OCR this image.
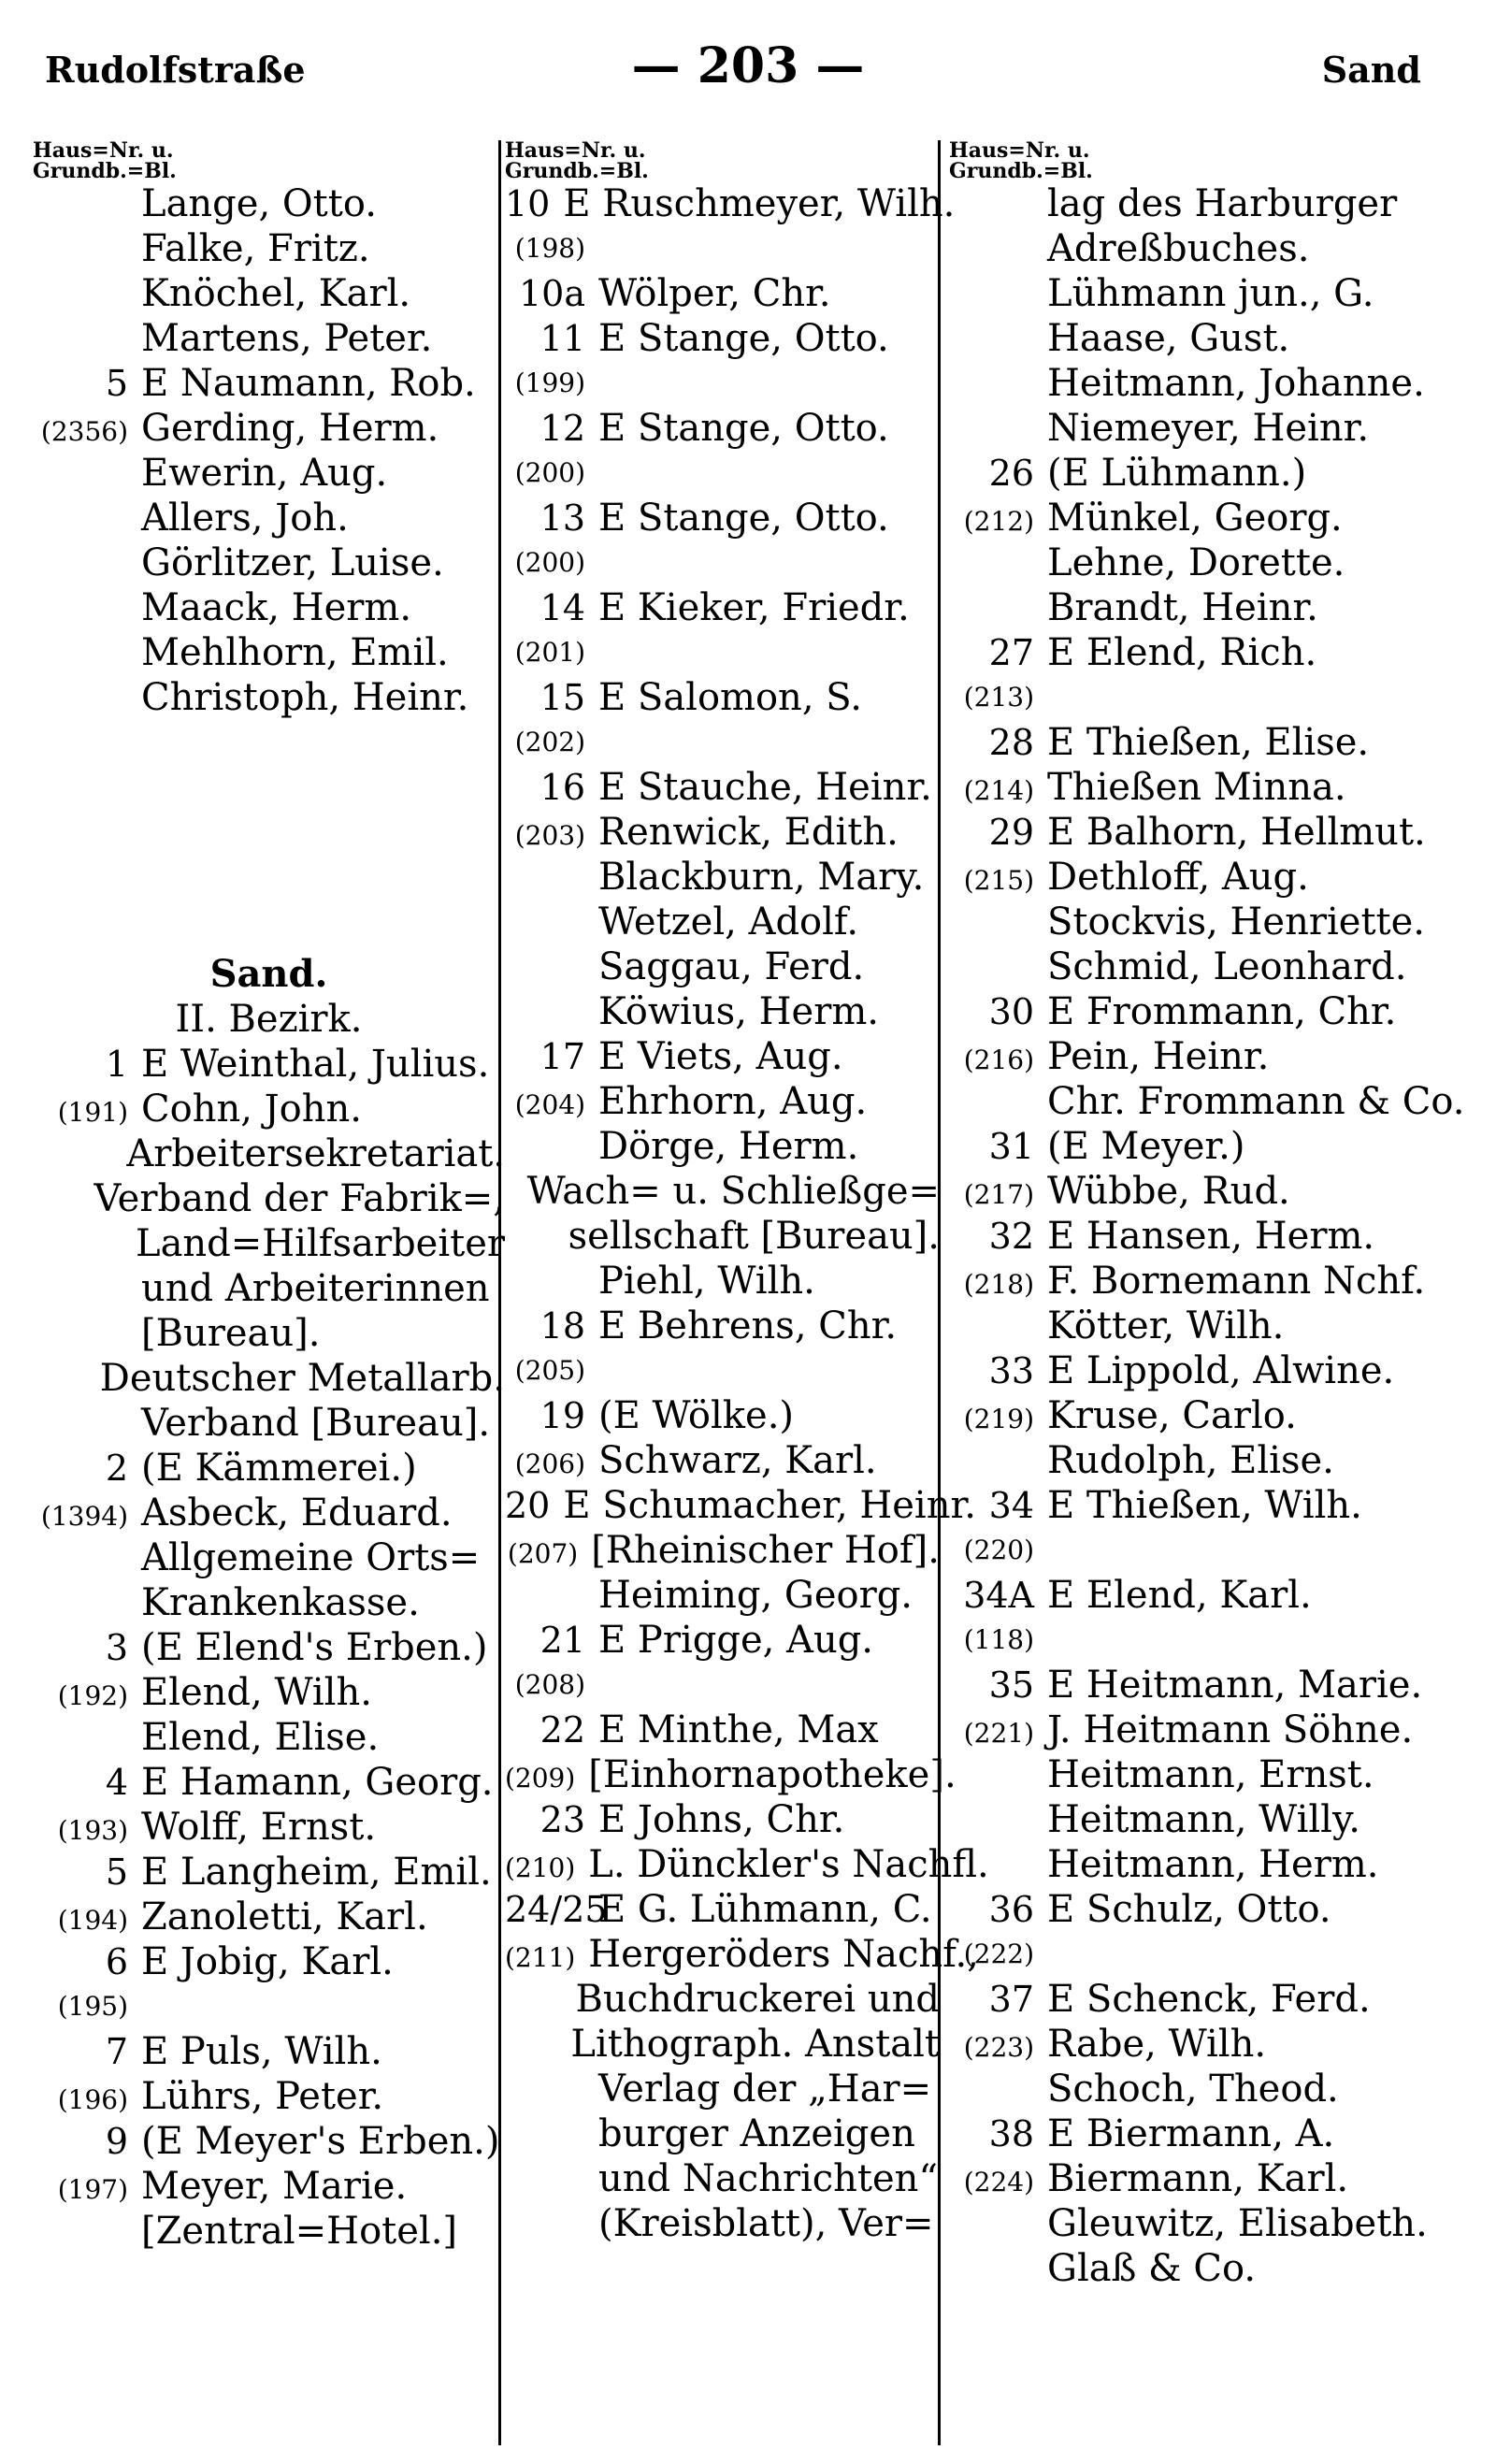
Rudolfstraße	— 203 —	Sand
Haus=Nr. u.
Grundb.=Bl.
Lange, Otto.
Falke, Fritz.
Knöchel, Karl.
Martens, Peter.
5 E Naumann, Rob.
(2356) Gerding, Herm.
Ewerin, Aug.
Allers, Joh.
Görlitzer, Luise.
Maack, Herm.
Mehlhorn, Emil.
Christoph, Heinr.
Sand.
II. Bezirk.
1 E Weinthal, Julius.
(191) Cohn, John.
Arbeitersekretariat.
Verband der Fabrik=,
Land=Hilfsarbeiter
und Arbeiterinnen
[Bureau].
Deutscher Metallarb.
Verband [Bureau].
2 (E Kämmerei.)
(1394) Asbeck, Eduard.
Allgemeine Orts=
Krankenkasse.
3 (E Elend's Erben.)
(192) Elend, Wilh.
Elend, Elise.
4 E Hamann, Georg.
(193) Wolff, Ernst.
5 E Langheim, Emil.
(194) Zanoletti, Karl.
6 E Jobig, Karl.
(195)
7 E Puls, Wilh.
(196) Lührs, Peter.
9 (E Meyer's Erben.)
(197) Meyer, Marie.
[Zentral=Hotel.]
Haus=Nr. u.
Grundb.=Bl.
10 E Ruschmeyer, Wilh.
(198)
10a Wölper, Chr.
11 E Stange, Otto.
(199)
12 E Stange, Otto.
(200)
13 E Stange, Otto.
(200)
14 E Kieker, Friedr.
(201)
15 E Salomon, S.
(202)
16 E Stauche, Heinr.
(203) Renwick, Edith.
Blackburn, Mary.
Wetzel, Adolf.
Saggau, Ferd.
Köwius, Herm.
17 E Viets, Aug.
(204) Ehrhorn, Aug.
Dörge, Herm.
Wach= u. Schließge=
sellschaft [Bureau].
Piehl, Wilh.
18 E Behrens, Chr.
(205)
19 (E Wölke.)
(206) Schwarz, Karl.
20 E Schumacher, Heinr.
(207) [Rheinischer Hof].
Heiming, Georg.
21 E Prigge, Aug.
(208)
22 E Minthe, Max
(209) [Einhornapotheke].
23 E Johns, Chr.
(210) L. Dünckler's Nachfl.
24/25
E G. Lühmann, C.
(211) Hergeröders Nachf.,
Buchdruckerei und
Lithograph. Anstalt
Verlag der „Har=
burger Anzeigen
und Nachrichten“
(Kreisblatt), Ver=
Haus=Nr. u.
Grundb.=Bl.
lag des Harburger
Adreßbuches.
Lühmann jun., G.
Haase, Gust.
Heitmann, Johanne.
Niemeyer, Heinr.
26 (E Lühmann.)
(212) Münkel, Georg.
Lehne, Dorette.
Brandt, Heinr.
27 E Elend, Rich.
(213)
28 E Thießen, Elise.
(214) Thießen Minna.
29 E Balhorn, Hellmut.
(215) Dethloff, Aug.
Stockvis, Henriette.
Schmid, Leonhard.
30 E Frommann, Chr.
(216) Pein, Heinr.
Chr. Frommann & Co.
31 (E Meyer.)
(217) Wübbe, Rud.
32 E Hansen, Herm.
(218) F. Bornemann Nchf.
Kötter, Wilh.
33 E Lippold, Alwine.
(219) Kruse, Carlo.
Rudolph, Elise.
34 E Thießen, Wilh.
(220)
34A E Elend, Karl.
(118)
35 E Heitmann, Marie.
(221) J. Heitmann Söhne.
Heitmann, Ernst.
Heitmann, Willy.
Heitmann, Herm.
36 E Schulz, Otto.
(222)
37 E Schenck, Ferd.
(223) Rabe, Wilh.
Schoch, Theod.
38 E Biermann, A.
(224) Biermann, Karl.
Gleuwitz, Elisabeth.
Glaß & Co.
